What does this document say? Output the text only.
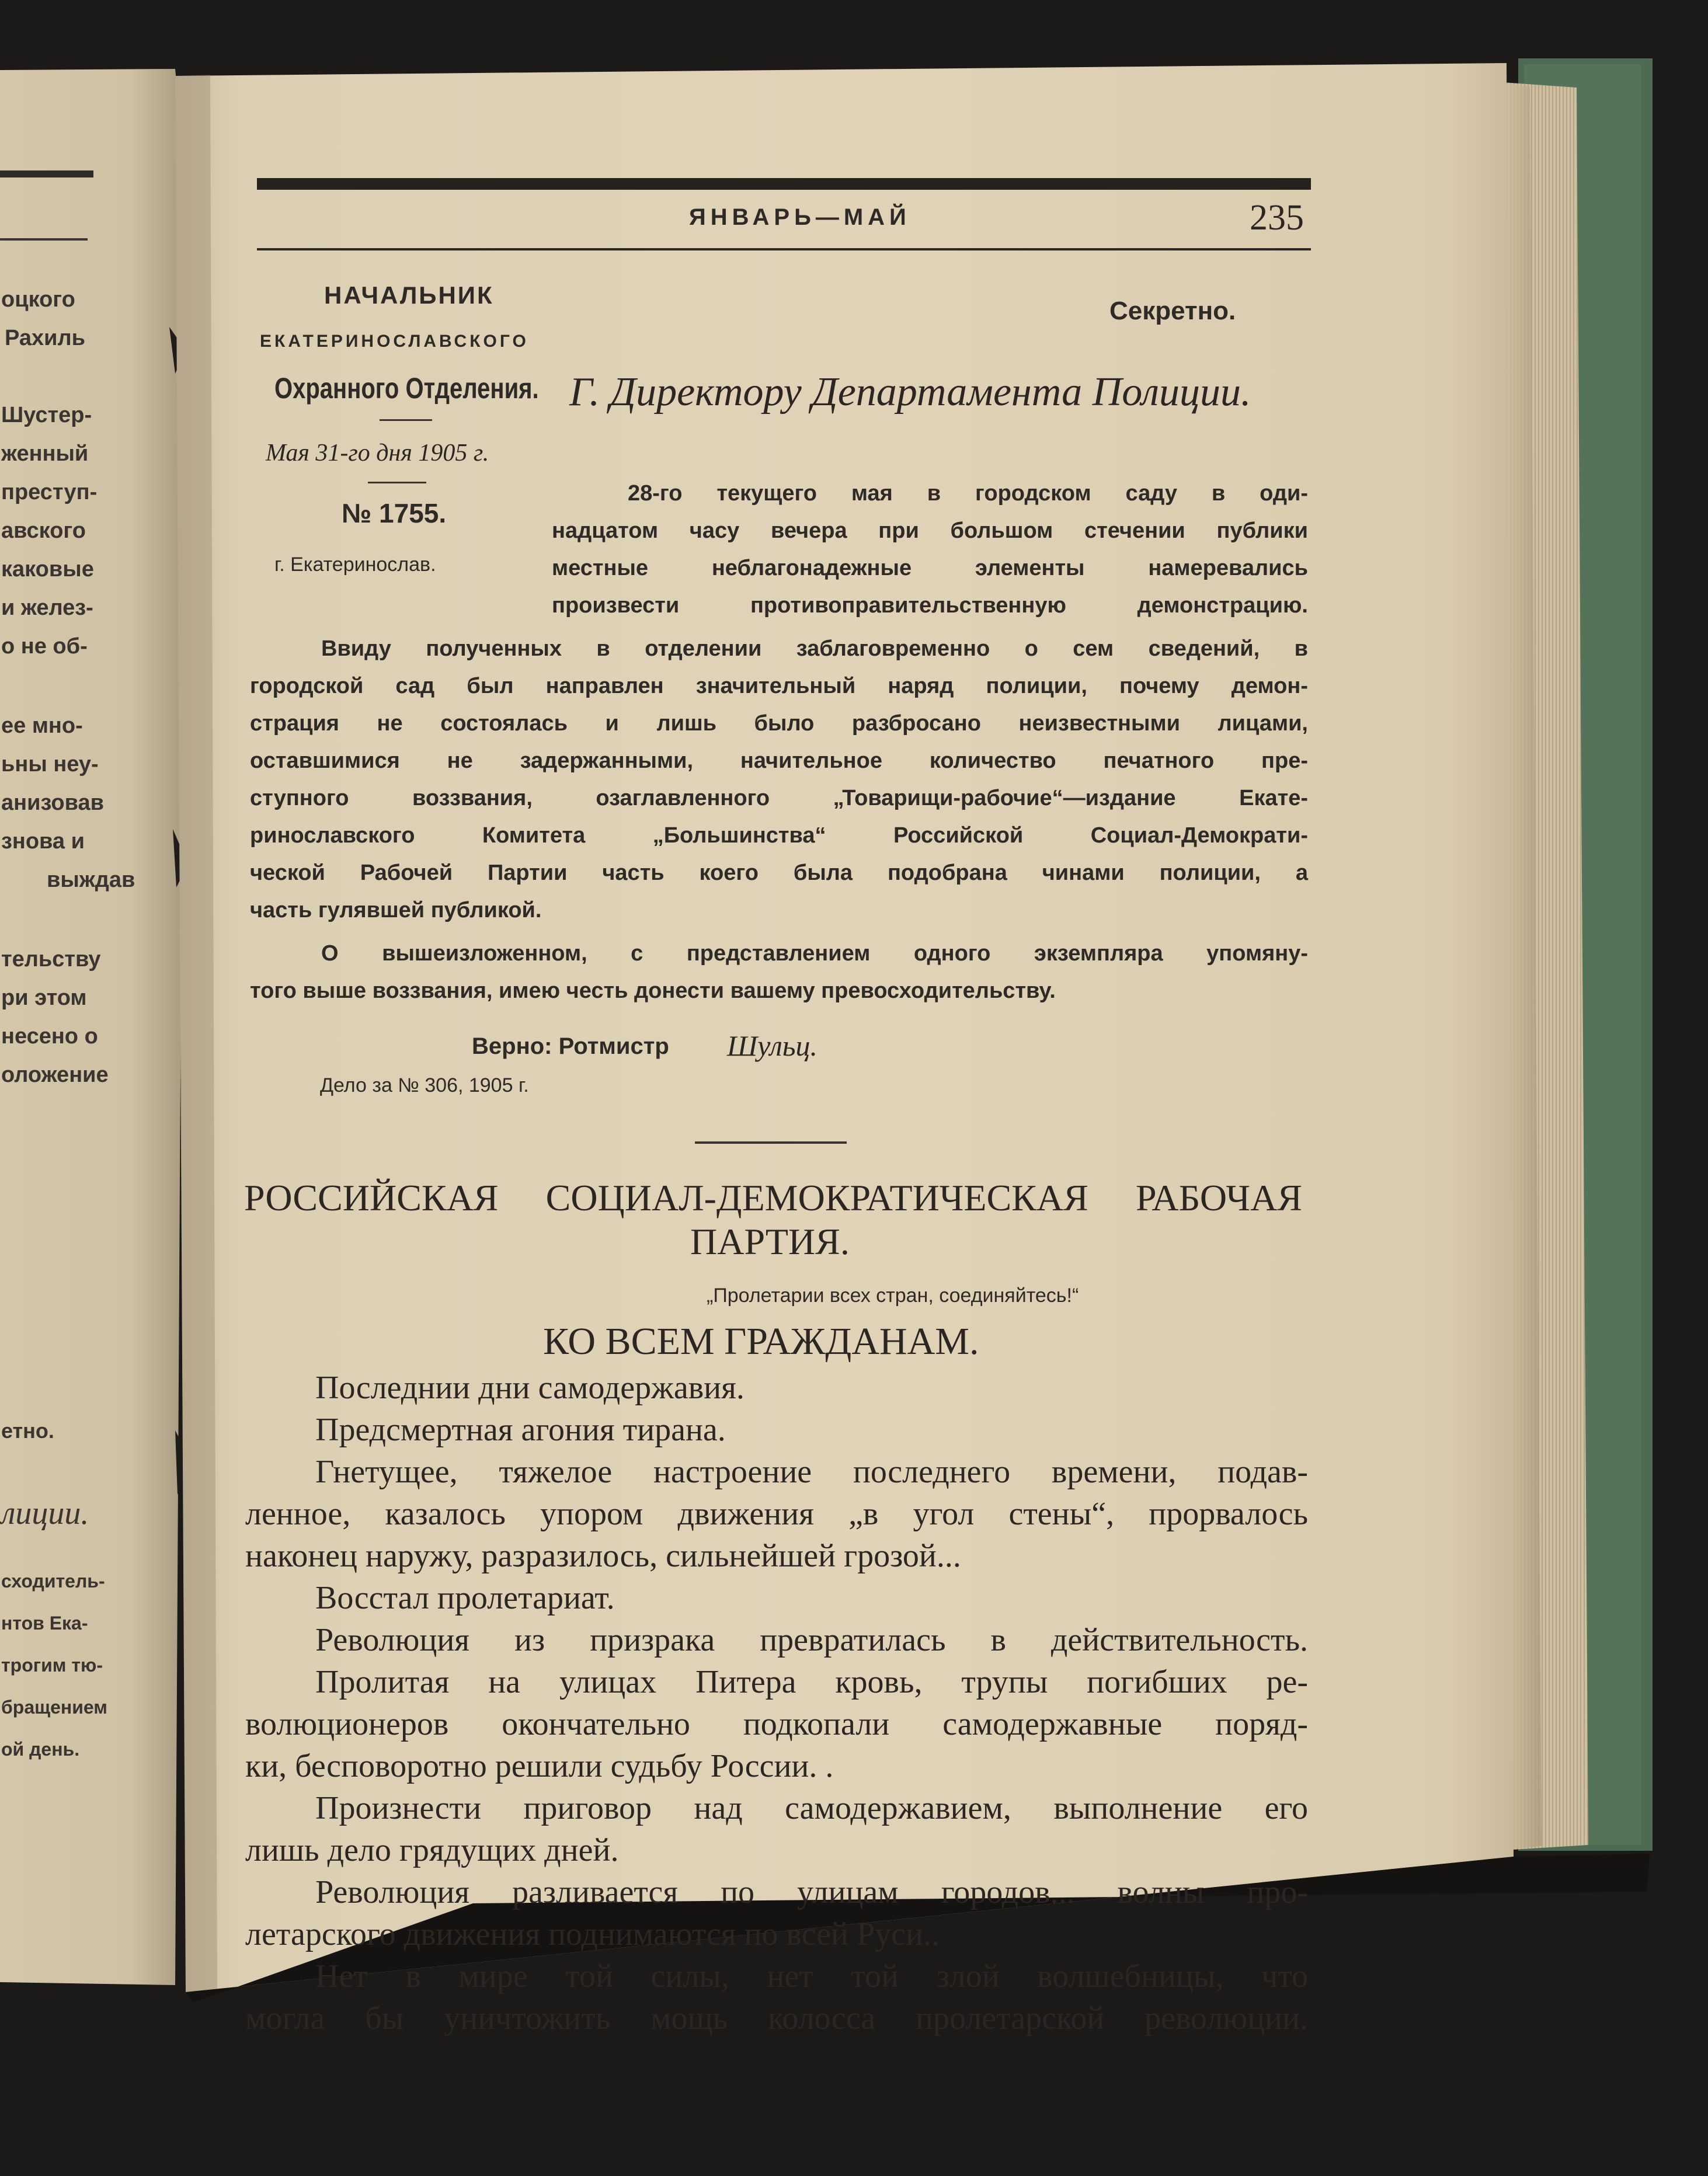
ЯНВАРЬ—МАЙ	235
НАЧАЛЬНИК
ЕКАТЕРИНОСЛАВСКОГО
Охранного Отделения.
Секретно.
Г. Директору Департамента Полиции.
Мая 31-го дня 1905 г.
№ 1755.
г. Екатеринослав.
28-го текущего мая в городском саду в оди-
надцатом часу вечера при большом стечении публики
местные неблагонадежные элементы намеревались
произвести противоправительственную демонстрацию.
Ввиду полученных в отделении заблаговременно о сем сведений, в
городской сад был направлен значительный наряд полиции, почему демон-
страция не состоялась и лишь было разбросано неизвестными лицами,
оставшимися не задержанными, начительное количество печатного пре-
ступного воззвания, озаглавленного „Товарищи-рабочие“—издание Екате-
ринославского Комитета „Большинства“ Российской Социал-Демократи-
ческой Рабочей Партии часть коего была подобрана чинами полиции, а
часть гулявшей публикой.
О вышеизложенном, с представлением одного экземпляра упомяну-
того выше воззвания, имею честь донести вашему превосходительству.
Верно: Ротмистр Шульц.
Дело за № 306, 1905 г.
РОССИЙСКАЯ СОЦИАЛ-ДЕМОКРАТИЧЕСКАЯ РАБОЧАЯ
ПАРТИЯ.
„Пролетарии всех стран, соединяйтесь!“
КО ВСЕМ ГРАЖДАНАМ.
Последнии дни самодержавия.
Предсмертная агония тирана.
Гнетущее, тяжелое настроение последнего времени, подав-
ленное, казалось упором движения „в угол стены“, прорвалось
наконец наружу, разразилось, сильнейшей грозой...
Восстал пролетариат.
Революция из призрака превратилась в действительность.
Пролитая на улицах Питера кровь, трупы погибших ре-
волюционеров окончательно подкопали самодержавные поряд-
ки, бесповоротно решили судьбу России. .
Произнести приговор над самодержавием, выполнение его
лишь дело грядущих дней.
Революция разливается по улицам городов... волны про-
летарского движения поднимаются по всей Руси..
Нет в мире той силы, нет той злой волшебницы, что
могла бы уничтожить мощь колосса пролетарской революции.
оцкого
Рахиль
Шустер-
женный
преступ-
авского
каковые
и желез-
о не об-
ее мно-
ьны неу-
анизовав
знова и
выждав
тельству
ри этом
несено о
оложение
етно.
лиции.
сходитель-
нтов Ека-
трогим тю-
бращением
ой день.
